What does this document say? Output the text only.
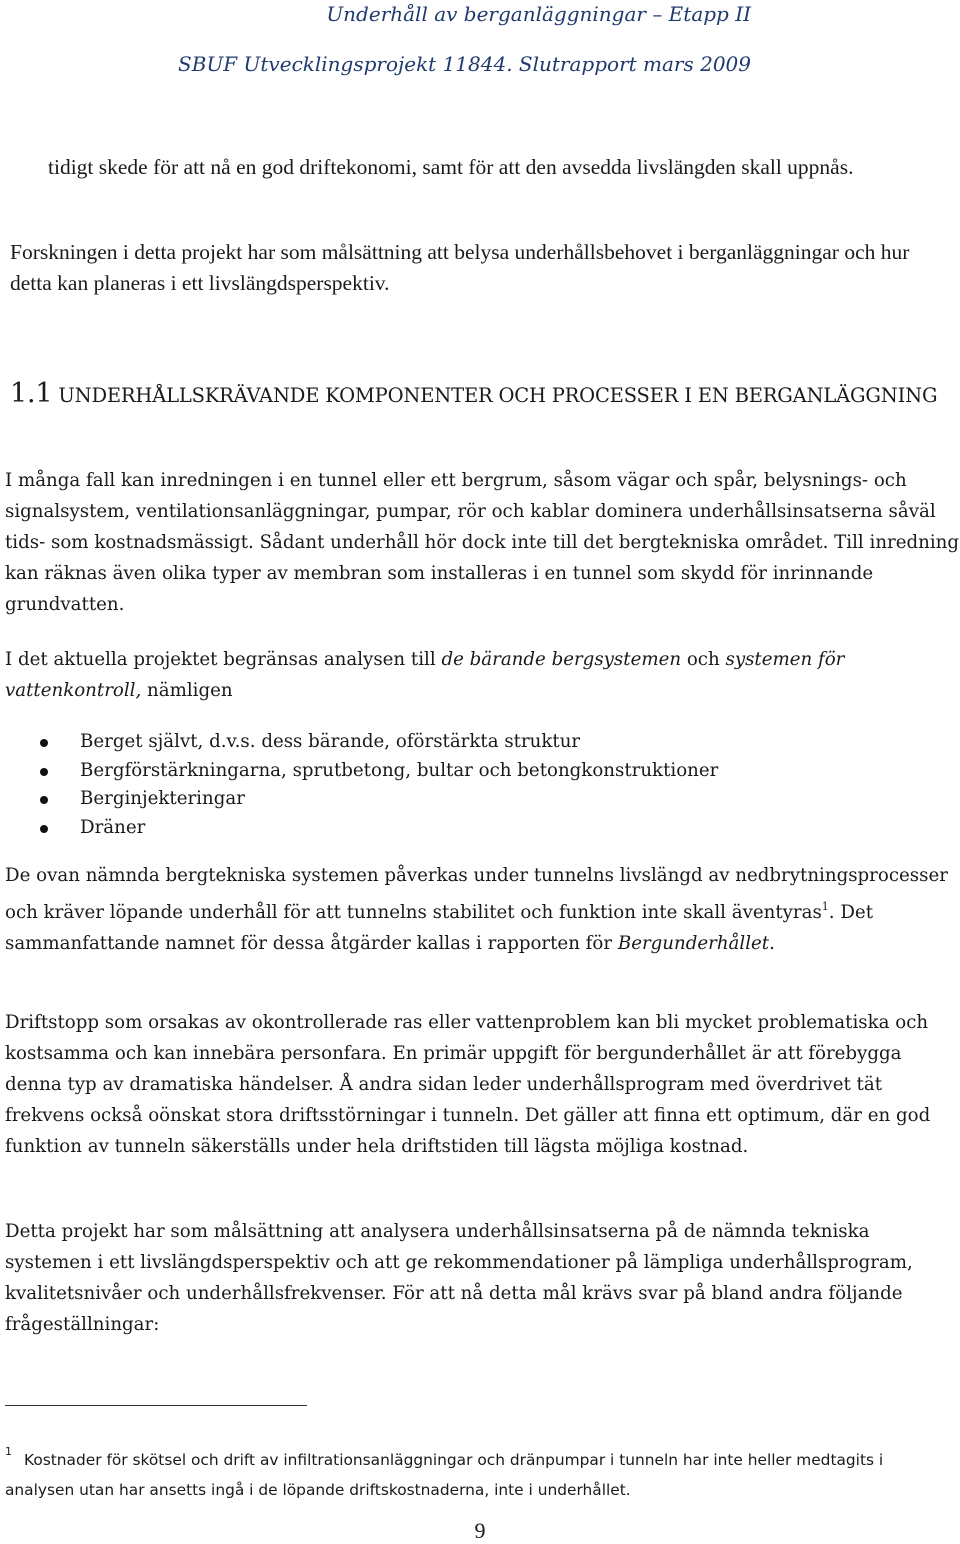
Underhåll av berganläggningar – Etapp II
SBUF Utvecklingsprojekt 11844. Slutrapport mars 2009

tidigt skede för att nå en god driftekonomi, samt för att den avsedda livslängden skall uppnås.

Forskningen i detta projekt har som målsättning att belysa underhållsbehovet i berganläggningar och hur detta kan planeras i ett livslängdsperspektiv.

1.1 UNDERHÅLLSKRÄVANDE KOMPONENTER OCH PROCESSER I EN BERGANLÄGGNING

I många fall kan inredningen i en tunnel eller ett bergrum, såsom vägar och spår, belysnings- och signalsystem, ventilationsanläggningar, pumpar, rör och kablar dominera underhållsinsatserna såväl tids- som kostnadsmässigt. Sådant underhåll hör dock inte till det bergtekniska området. Till inredning kan räknas även olika typer av membran som installeras i en tunnel som skydd för inrinnande grundvatten.

I det aktuella projektet begränsas analysen till de bärande bergsystemen och systemen för vattenkontroll, nämligen

Berget självt, d.v.s. dess bärande, oförstärkta struktur
Bergförstärkningarna, sprutbetong, bultar och betongkonstruktioner
Berginjekteringar
Dräner

De ovan nämnda bergtekniska systemen påverkas under tunnelns livslängd av nedbrytningsprocesser och kräver löpande underhåll för att tunnelns stabilitet och funktion inte skall äventyras$^1$. Det sammanfattande namnet för dessa åtgärder kallas i rapporten för Bergunderhållet.

Driftstopp som orsakas av okontrollerade ras eller vattenproblem kan bli mycket problematiska och kostsamma och kan innebära personfara. En primär uppgift för bergunderhållet är att förebygga denna typ av dramatiska händelser. Å andra sidan leder underhållsprogram med överdrivet tät frekvens också oönskat stora driftsstörningar i tunneln. Det gäller att finna ett optimum, där en god funktion av tunneln säkerställs under hela driftstiden till lägsta möjliga kostnad.

Detta projekt har som målsättning att analysera underhållsinsatserna på de nämnda tekniska systemen i ett livslängdsperspektiv och att ge rekommendationer på lämpliga underhållsprogram, kvalitetsnivåer och underhållsfrekvenser. För att nå detta mål krävs svar på bland andra följande frågeställningar:

$^1$ Kostnader för skötsel och drift av infiltrationsanläggningar och dränpumpar i tunneln har inte heller medtagits i analysen utan har ansetts ingå i de löpande driftskostnaderna, inte i underhållet.

9
